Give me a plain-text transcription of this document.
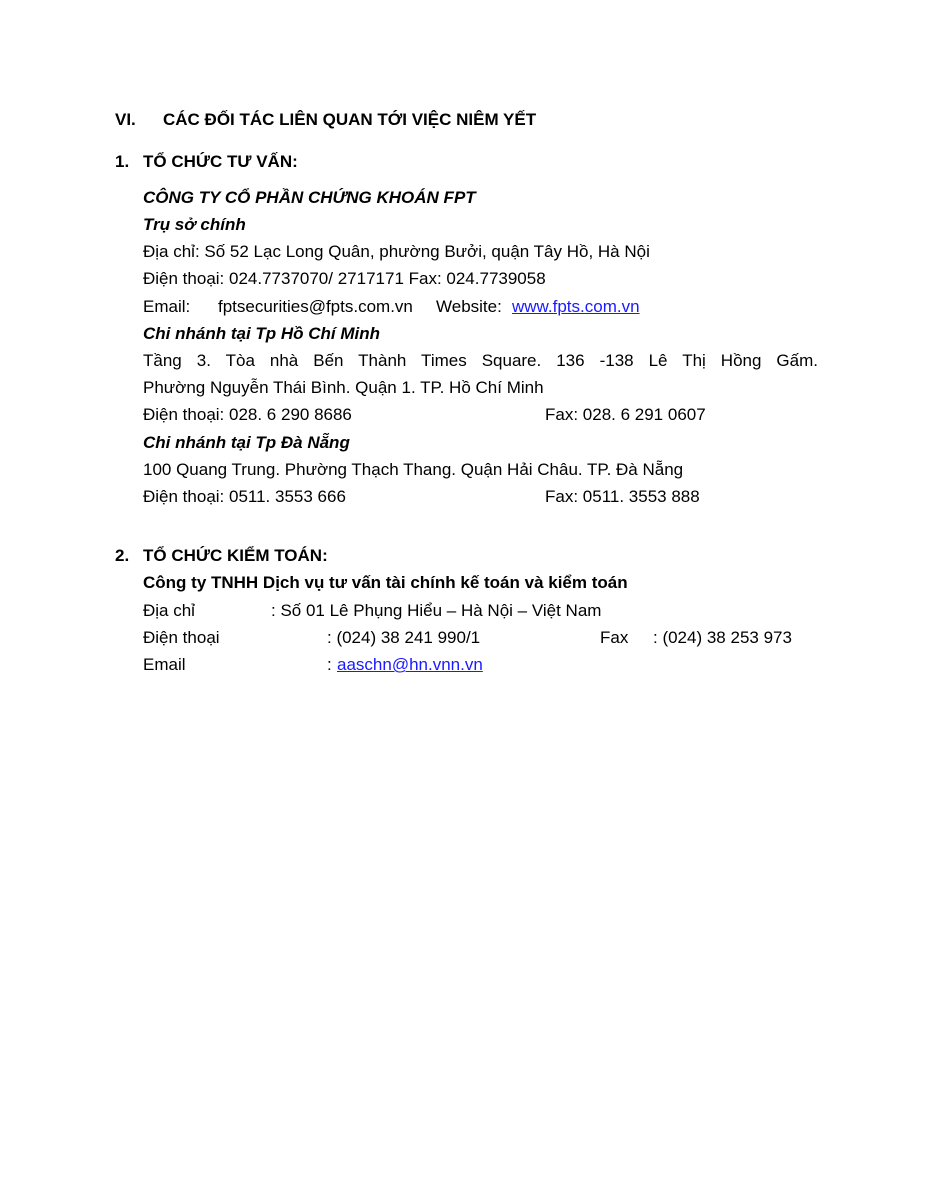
VI. CÁC ĐỐI TÁC LIÊN QUAN TỚI VIỆC NIÊM YẾT
1. TỔ CHỨC TƯ VẤN:
CÔNG TY CỔ PHẦN CHỨNG KHOÁN FPT
Trụ sở chính
Địa chỉ: Số 52 Lạc Long Quân, phường Bưởi, quận Tây Hồ, Hà Nội
Điện thoại: 024.7737070/ 2717171 Fax: 024.7739058
Email: fptsecurities@fpts.com.vn Website: www.fpts.com.vn
Chi nhánh tại Tp Hồ Chí Minh
Tầng 3. Tòa nhà Bến Thành Times Square. 136 -138 Lê Thị Hồng Gấm.
Phường Nguyễn Thái Bình. Quận 1. TP. Hồ Chí Minh
Điện thoại: 028. 6 290 8686	Fax: 028. 6 291 0607
Chi nhánh tại Tp Đà Nẵng
100 Quang Trung. Phường Thạch Thang. Quận Hải Châu. TP. Đà Nẵng
Điện thoại: 0511. 3553 666	Fax: 0511. 3553 888
2. TỔ CHỨC KIỂM TOÁN:
Công ty TNHH Dịch vụ tư vấn tài chính kế toán và kiểm toán
Địa chỉ	: Số 01 Lê Phụng Hiểu – Hà Nội – Việt Nam
Điện thoại	: (024) 38 241 990/1	Fax : (024) 38 253 973
Email	: aaschn@hn.vnn.vn
